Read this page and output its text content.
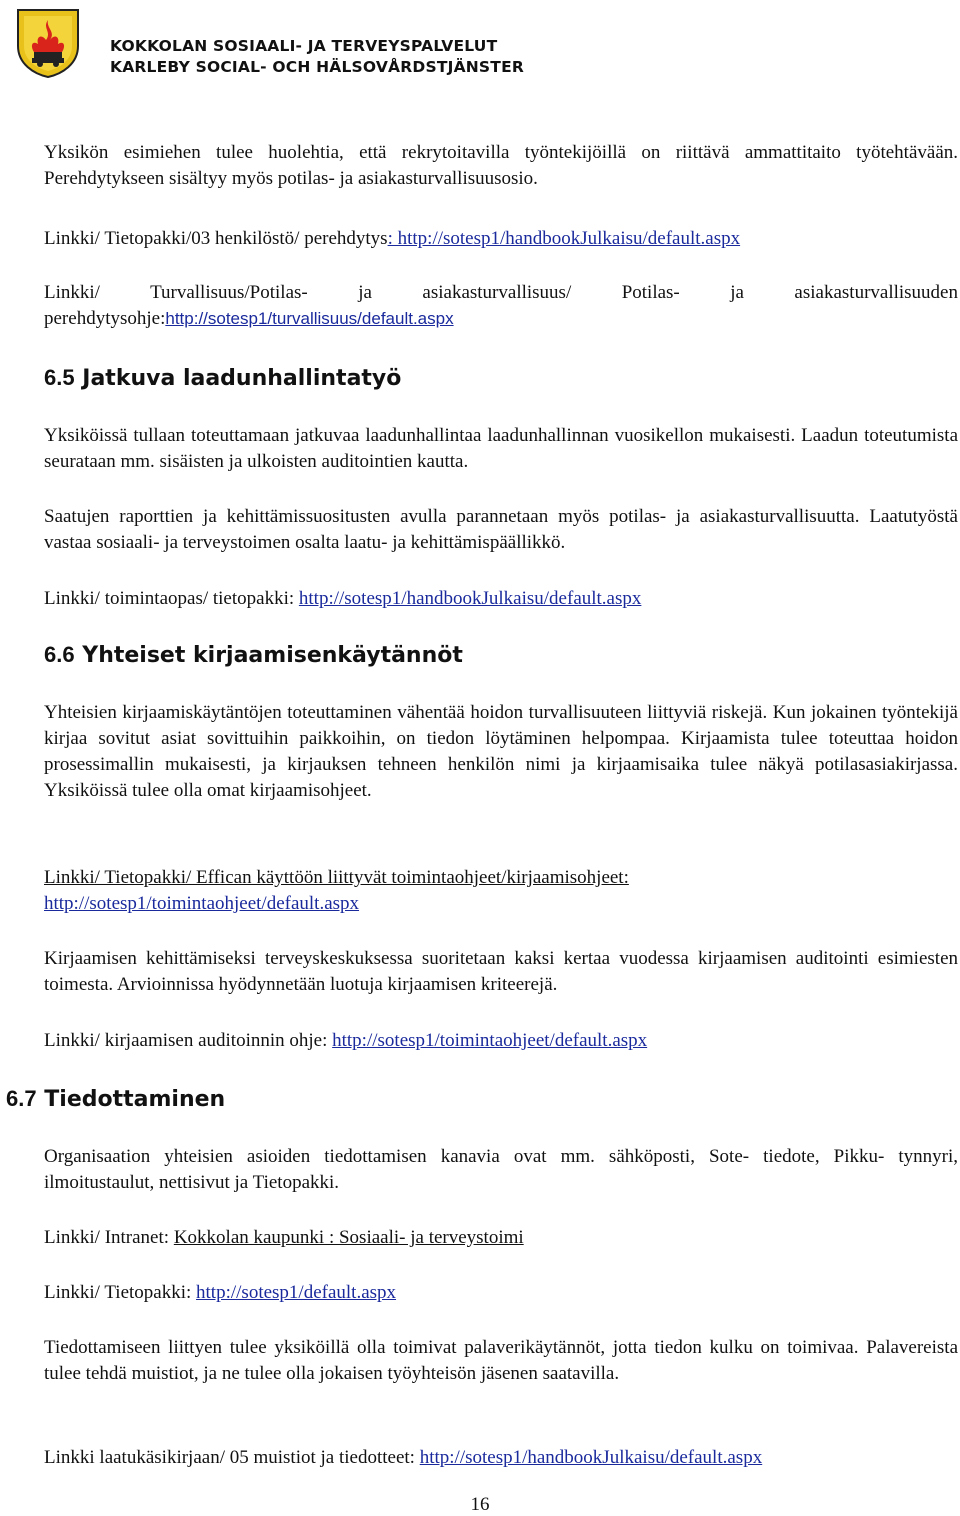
KOKKOLAN SOSIAALI- JA TERVEYSPALVELUT
KARLEBY SOCIAL- OCH HÄLSOVÅRDSTJÄNSTER

Yksikön esimiehen tulee huolehtia, että rekrytoitavilla työntekijöillä on riittävä ammattitaito työtehtävään. Perehdytykseen sisältyy myös potilas- ja asiakasturvallisuusosio.

Linkki/ Tietopakki/03 henkilöstö/ perehdytys: http://sotesp1/handbookJulkaisu/default.aspx

Linkki/ Turvallisuus/Potilas- ja asiakasturvallisuus/ Potilas- ja asiakasturvallisuuden perehdytysohje:http://sotesp1/turvallisuus/default.aspx

6.5 Jatkuva laadunhallintatyö

Yksiköissä tullaan toteuttamaan jatkuvaa laadunhallintaa laadunhallinnan vuosikellon mukaisesti. Laadun toteutumista seurataan mm. sisäisten ja ulkoisten auditointien kautta.

Saatujen raporttien ja kehittämissuositusten avulla parannetaan myös potilas- ja asiakasturvallisuutta. Laatutyöstä vastaa sosiaali- ja terveystoimen osalta laatu- ja kehittämispäällikkö.

Linkki/ toimintaopas/ tietopakki: http://sotesp1/handbookJulkaisu/default.aspx

6.6 Yhteiset kirjaamisenkäytännöt

Yhteisien kirjaamiskäytäntöjen toteuttaminen vähentää hoidon turvallisuuteen liittyviä riskejä. Kun jokainen työntekijä kirjaa sovitut asiat sovittuihin paikkoihin, on tiedon löytäminen helpompaa. Kirjaamista tulee toteuttaa hoidon prosessimallin mukaisesti, ja kirjauksen tehneen henkilön nimi ja kirjaamisaika tulee näkyä potilasasiakirjassa. Yksiköissä tulee olla omat kirjaamisohjeet.

Linkki/ Tietopakki/ Effican käyttöön liittyvät toimintaohjeet/kirjaamisohjeet:
http://sotesp1/toimintaohjeet/default.aspx

Kirjaamisen kehittämiseksi terveyskeskuksessa suoritetaan kaksi kertaa vuodessa kirjaamisen auditointi esimiesten toimesta. Arvioinnissa hyödynnetään luotuja kirjaamisen kriteerejä.

Linkki/ kirjaamisen auditoinnin ohje: http://sotesp1/toimintaohjeet/default.aspx

6.7 Tiedottaminen

Organisaation yhteisien asioiden tiedottamisen kanavia ovat mm. sähköposti, Sote- tiedote, Pikku- tynnyri, ilmoitustaulut, nettisivut ja Tietopakki.

Linkki/ Intranet: Kokkolan kaupunki : Sosiaali- ja terveystoimi

Linkki/ Tietopakki: http://sotesp1/default.aspx

Tiedottamiseen liittyen tulee yksiköillä olla toimivat palaverikäytännöt, jotta tiedon kulku on toimivaa. Palavereista tulee tehdä muistiot, ja ne tulee olla jokaisen työyhteisön jäsenen saatavilla.

Linkki laatukäsikirjaan/ 05 muistiot ja tiedotteet: http://sotesp1/handbookJulkaisu/default.aspx

16
